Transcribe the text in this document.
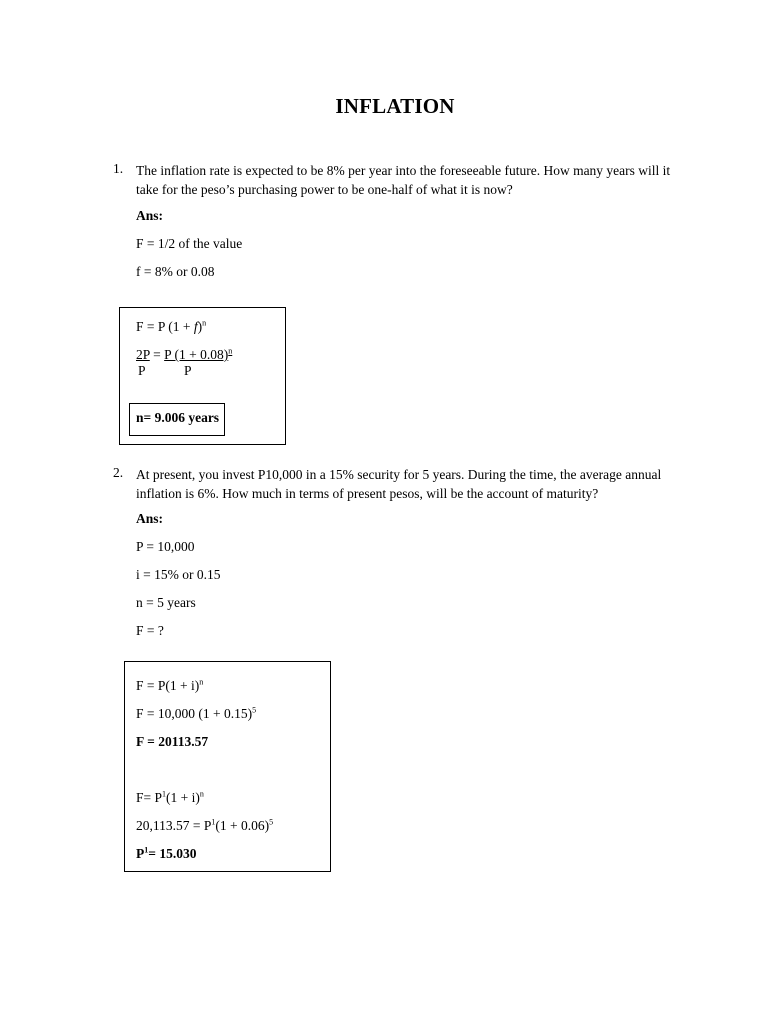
INFLATION
1. The inflation rate is expected to be 8% per year into the foreseeable future. How many years will it take for the peso’s purchasing power to be one-half of what it is now?
Ans:
F = 1/2 of the value
f = 8% or 0.08
F = P $(1 + f)^n$
2P = P $(1 + 0.08)^n$
P	P
n= 9.006 years
2. At present, you invest P10,000 in a 15% security for 5 years. During the time, the average annual inflation is 6%. How much in terms of present pesos, will be the account of maturity?
Ans:
P = 10,000
i = 15% or 0.15
n = 5 years
F = ?
$F = P(1 + i)^n$
F = 10,000 $(1 + 0.15)^5$
F = 20113.57
$F= P^1(1 + i)^n$
$20,113.57 = P^1(1 + 0.06)^5$
$P^1= 15.030$
